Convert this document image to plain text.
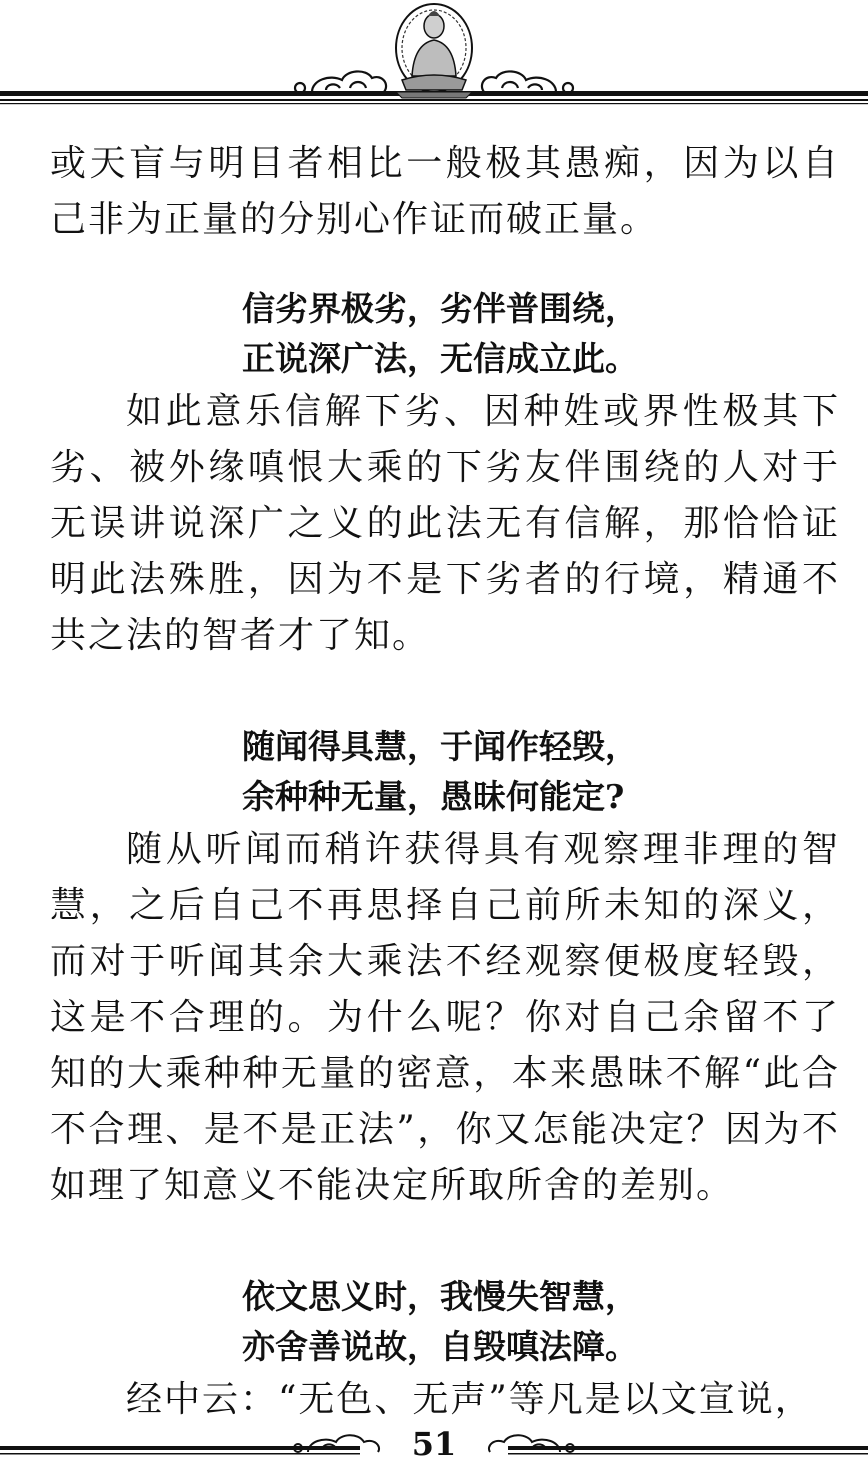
或天盲与明目者相比一般极其愚痴，因为以自己非为正量的分别心作证而破正量。

信劣界极劣，劣伴普围绕，

正说深广法，无信成立此。

如此意乐信解下劣、因种姓或界性极其下劣、被外缘嗔恨大乘的下劣友伴围绕的人对于无误讲说深广之义的此法无有信解，那恰恰证明此法殊胜，因为不是下劣者的行境，精通不共之法的智者才了知。

随闻得具慧，于闻作轻毁，

余种种无量，愚昧何能定?

随从听闻而稍许获得具有观察理非理的智慧，之后自己不再思择自己前所未知的深义，而对于听闻其余大乘法不经观察便极度轻毁，这是不合理的。为什么呢？你对自己余留不了知的大乘种种无量的密意，本来愚昧不解“此合不合理、是不是正法”，你又怎能决定？因为不如理了知意义不能决定所取所舍的差别。

依文思义时，我慢失智慧，

亦舍善说故，自毁嗔法障。

经中云：“无色、无声”等凡是以文宣说，

51
